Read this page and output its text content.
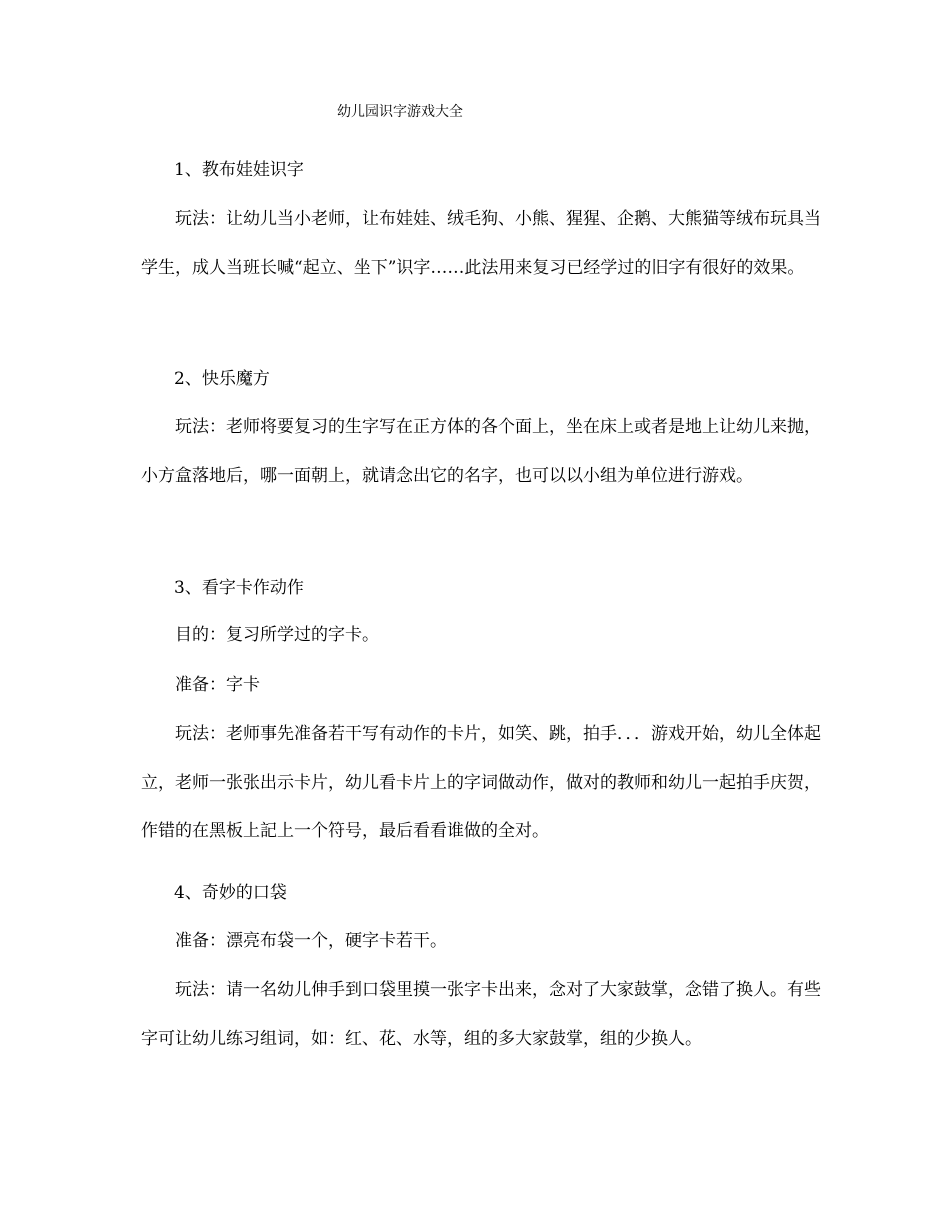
幼儿园识字游戏大全
1、教布娃娃识字

玩法：让幼儿当小老师，让布娃娃、绒毛狗、小熊、猩猩、企鹅、大熊猫等绒布玩具当学生，成人当班长喊“起立、坐下”识字……此法用来复习已经学过的旧字有很好的效果。

2、快乐魔方

玩法：老师将要复习的生字写在正方体的各个面上，坐在床上或者是地上让幼儿来抛，小方盒落地后，哪一面朝上，就请念出它的名字，也可以以小组为单位进行游戏。

3、看字卡作动作
目的：复习所学过的字卡。
准备：字卡

玩法：老师事先准备若干写有动作的卡片，如笑、跳，拍手．．．游戏开始，幼儿全体起立，老师一张张出示卡片，幼儿看卡片上的字词做动作，做对的教师和幼儿一起拍手庆贺，作错的在黑板上記上一个符号，最后看看谁做的全对。

4、奇妙的口袋
准备：漂亮布袋一个，硬字卡若干。

玩法：请一名幼儿伸手到口袋里摸一张字卡出来，念对了大家鼓掌，念错了换人。有些字可让幼儿练习组词，如：红、花、水等，组的多大家鼓掌，组的少换人。
